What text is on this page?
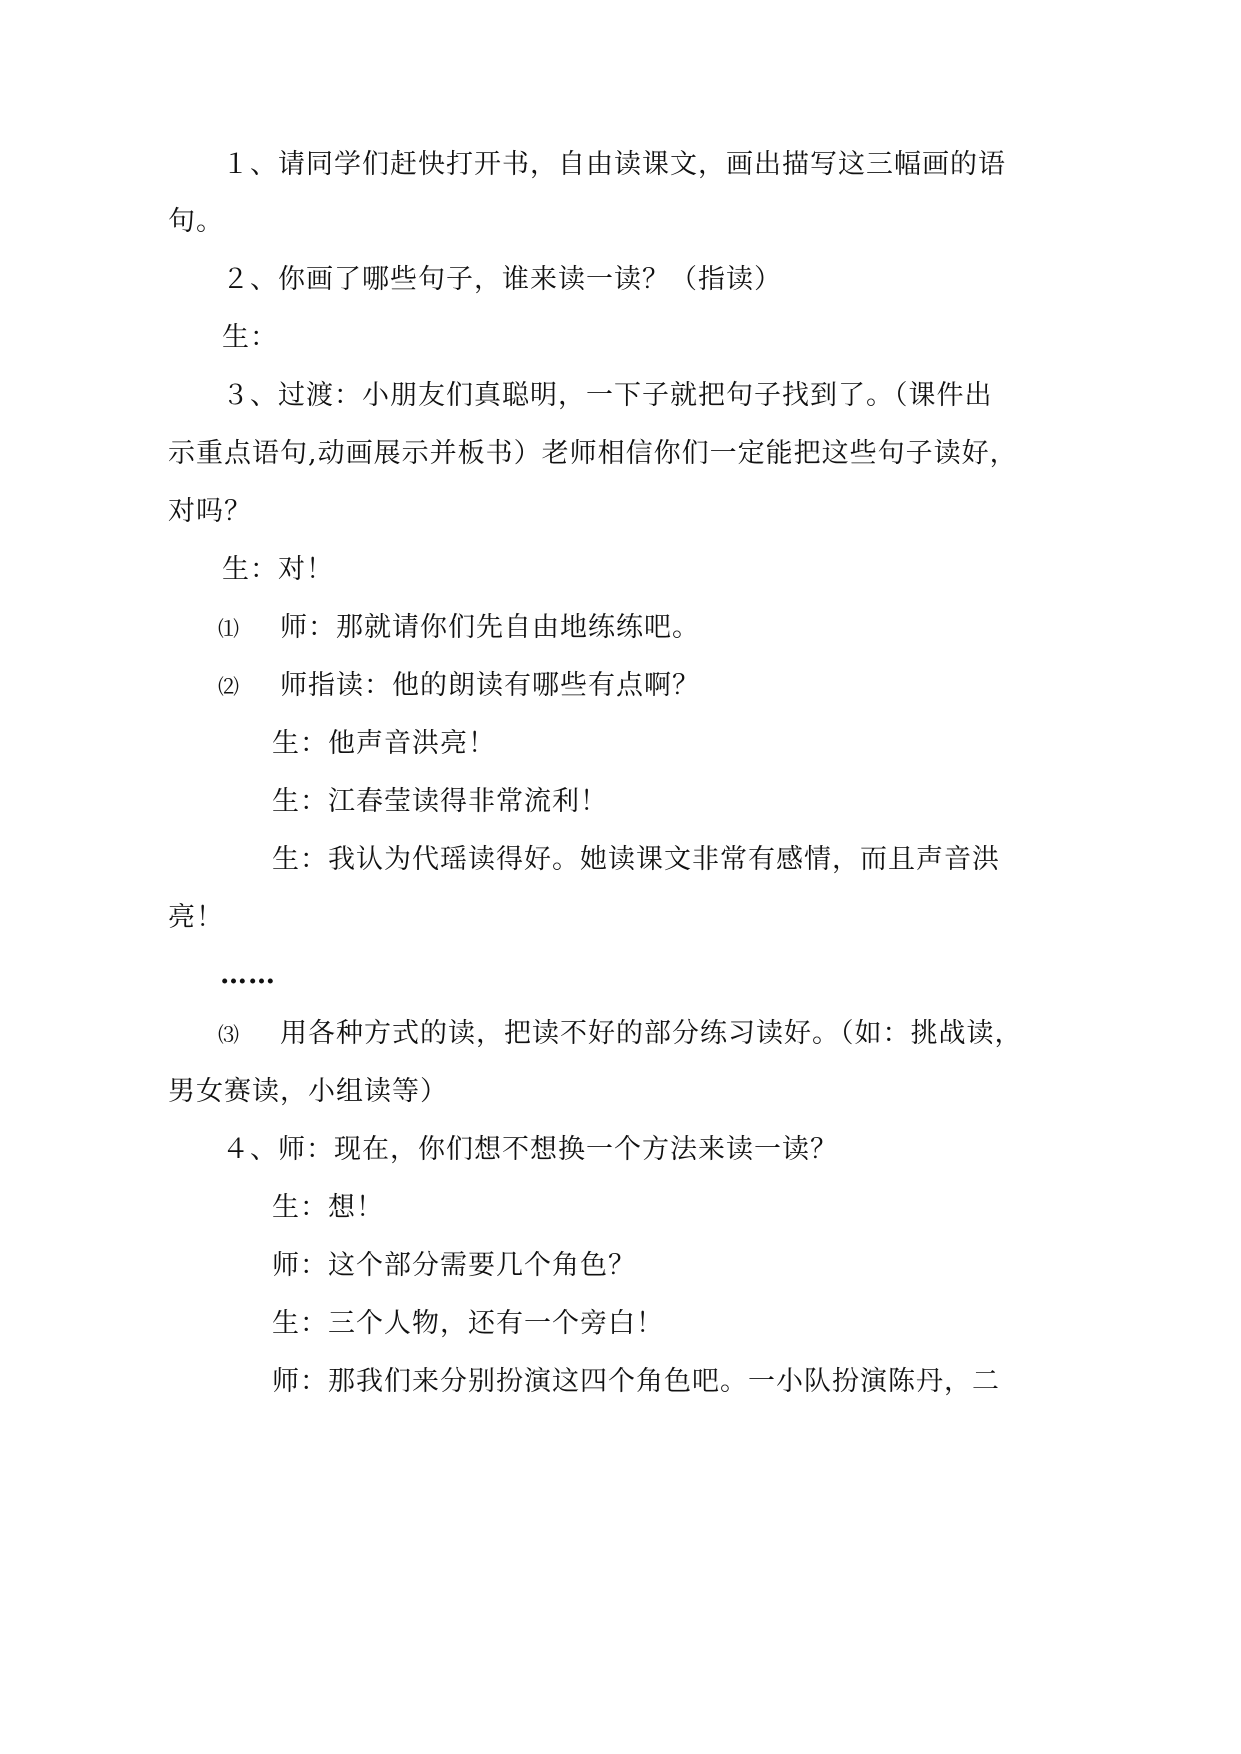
１、请同学们赶快打开书，自由读课文，画出描写这三幅画的语
句。
２、你画了哪些句子，谁来读一读？（指读）
生：
３、过渡：小朋友们真聪明，一下子就把句子找到了。（课件出
示重点语句,动画展示并板书）老师相信你们一定能把这些句子读好，
对吗？
生：对！
⑴ 师：那就请你们先自由地练练吧。
⑵ 师指读：他的朗读有哪些有点啊？
生：他声音洪亮！
生：江春莹读得非常流利！
生：我认为代瑶读得好。她读课文非常有感情，而且声音洪
亮！
……
⑶ 用各种方式的读，把读不好的部分练习读好。（如：挑战读，
男女赛读，小组读等）
４、师：现在，你们想不想换一个方法来读一读？
生：想！
师：这个部分需要几个角色？
生：三个人物，还有一个旁白！
师：那我们来分别扮演这四个角色吧。一小队扮演陈丹，二
